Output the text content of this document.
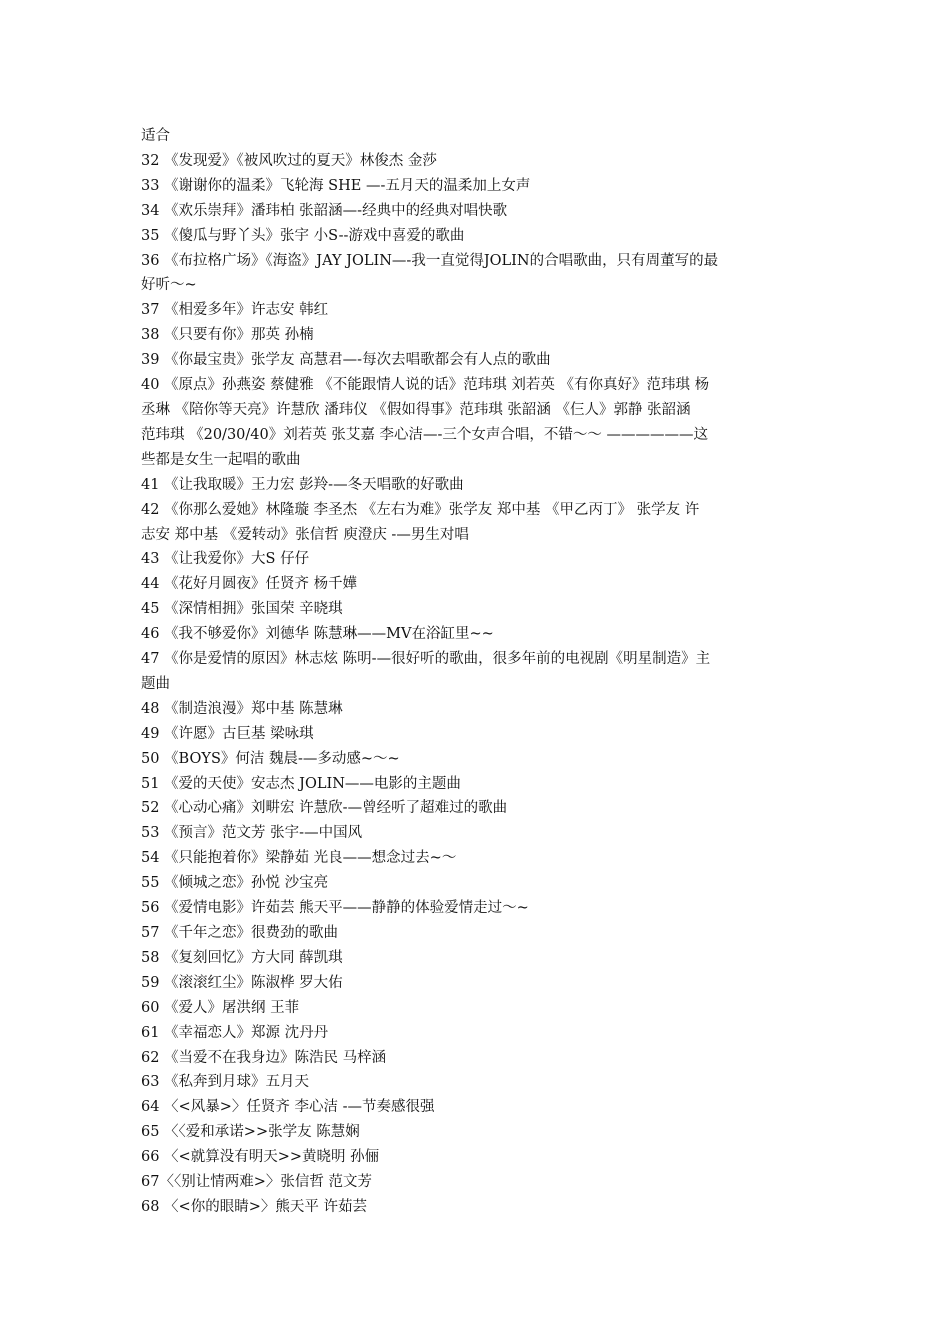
适合
32 《发现爱》《被风吹过的夏天》林俊杰 金莎
33 《谢谢你的温柔》飞轮海 SHE —-五月天的温柔加上女声
34 《欢乐崇拜》潘玮柏 张韶涵—-经典中的经典对唱快歌
35 《傻瓜与野丫头》张宇 小S--游戏中喜爱的歌曲
36 《布拉格广场》《海盗》JAY JOLIN—-我一直觉得JOLIN的合唱歌曲，只有周董写的最
好听～~
37 《相爱多年》许志安 韩红
38 《只要有你》那英 孙楠
39 《你最宝贵》张学友 高慧君—-每次去唱歌都会有人点的歌曲
40 《原点》孙燕姿 蔡健雅 《不能跟情人说的话》范玮琪 刘若英 《有你真好》范玮琪 杨
丞琳 《陪你等天亮》许慧欣 潘玮仪 《假如得事》范玮琪 张韶涵 《仨人》郭静 张韶涵
范玮琪 《20/30/40》刘若英 张艾嘉 李心洁—-三个女声合唱，不错～～ ——————这
些都是女生一起唱的歌曲
41 《让我取暖》王力宏 彭羚-—冬天唱歌的好歌曲
42 《你那么爱她》林隆璇 李圣杰 《左右为难》张学友 郑中基 《甲乙丙丁》 张学友 许
志安 郑中基 《爱转动》张信哲 庾澄庆 -—男生对唱
43 《让我爱你》大S 仔仔
44 《花好月圆夜》任贤齐 杨千嬅
45 《深情相拥》张国荣 辛晓琪
46 《我不够爱你》刘德华 陈慧琳——MV在浴缸里~~
47 《你是爱情的原因》林志炫 陈明-—很好听的歌曲，很多年前的电视剧《明星制造》主
题曲
48 《制造浪漫》郑中基 陈慧琳
49 《许愿》古巨基 梁咏琪
50 《BOYS》何洁 魏晨-—多动感~～~
51 《爱的天使》安志杰 JOLIN——电影的主题曲
52 《心动心痛》刘畊宏 许慧欣-—曾经听了超难过的歌曲
53 《预言》范文芳 张宇-—中国风
54 《只能抱着你》梁静茹 光良——想念过去~～
55 《倾城之恋》孙悦 沙宝亮
56 《爱情电影》许茹芸 熊天平——静静的体验爱情走过～~
57 《千年之恋》很费劲的歌曲
58 《复刻回忆》方大同 薛凯琪
59 《滚滚红尘》陈淑桦 罗大佑
60 《爱人》屠洪纲 王菲
61 《幸福恋人》郑源 沈丹丹
62 《当爱不在我身边》陈浩民 马梓涵
63 《私奔到月球》五月天
64 〈<风暴>〉任贤齐 李心洁 -—节奏感很强
65 〈〈爱和承诺>>张学友 陈慧娴
66 〈<就算没有明天>>黄晓明 孙俪
67〈〈别让情两难>〉张信哲 范文芳
68 〈<你的眼睛>〉熊天平 许茹芸
